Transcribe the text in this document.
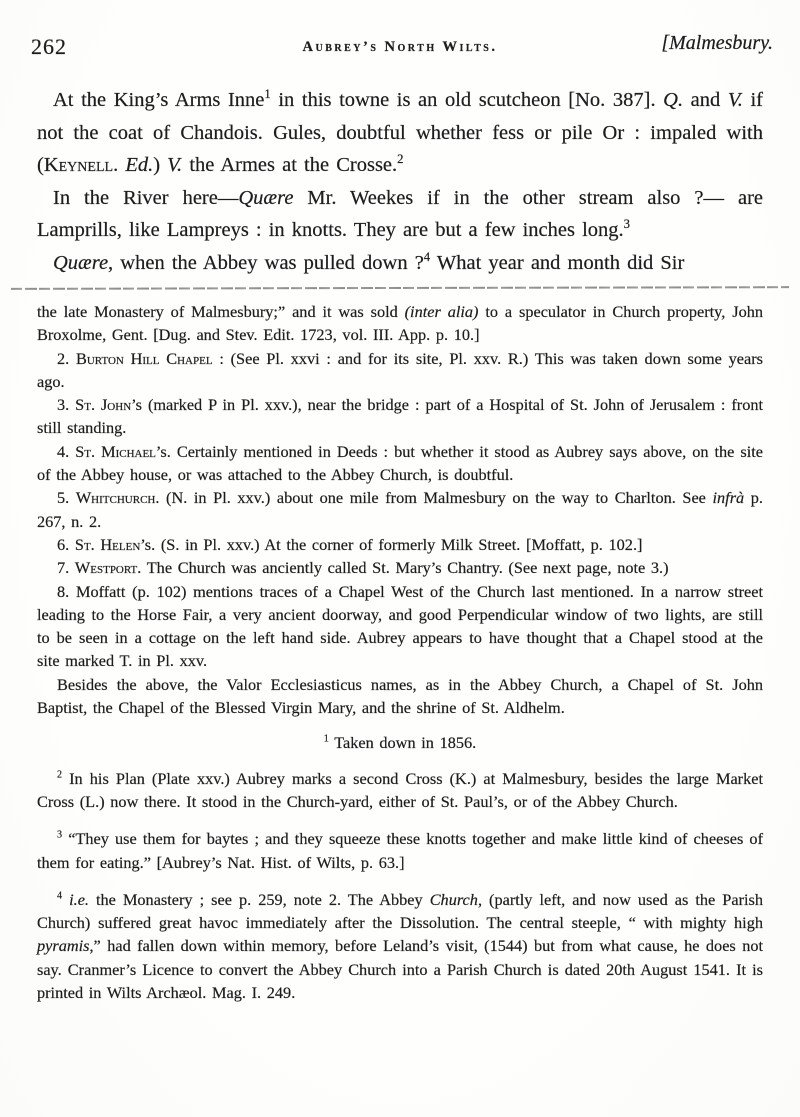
262	Aubrey’s North Wilts.	[Malmesbury.

At the King’s Arms Inne$^1$ in this towne is an old scutcheon [No. 387]. Q. and V. if not the coat of Chandois. Gules, doubtful whether fess or pile Or : impaled with (Keynell. Ed.) V. the Armes at the Crosse.$^2$

In the River here—Quære Mr. Weekes if in the other stream also ?— are Lamprills, like Lampreys : in knotts. They are but a few inches long.$^3$

Quære, when the Abbey was pulled down ?$^4$ What year and month did Sir

the late Monastery of Malmesbury;” and it was sold (inter alia) to a speculator in Church property, John Broxolme, Gent. [Dug. and Stev. Edit. 1723, vol. III. App. p. 10.]

2. Burton Hill Chapel : (See Pl. xxvi : and for its site, Pl. xxv. R.) This was taken down some years ago.

3. St. John’s (marked P in Pl. xxv.), near the bridge : part of a Hospital of St. John of Jerusalem : front still standing.

4. St. Michael’s. Certainly mentioned in Deeds : but whether it stood as Aubrey says above, on the site of the Abbey house, or was attached to the Abbey Church, is doubtful.

5. Whitchurch. (N. in Pl. xxv.) about one mile from Malmesbury on the way to Charlton. See infrà p. 267, n. 2.

6. St. Helen’s. (S. in Pl. xxv.) At the corner of formerly Milk Street. [Moffatt, p. 102.]

7. Westport. The Church was anciently called St. Mary’s Chantry. (See next page, note 3.)

8. Moffatt (p. 102) mentions traces of a Chapel West of the Church last mentioned. In a narrow street leading to the Horse Fair, a very ancient doorway, and good Perpendicular window of two lights, are still to be seen in a cottage on the left hand side. Aubrey appears to have thought that a Chapel stood at the site marked T. in Pl. xxv.

Besides the above, the Valor Ecclesiasticus names, as in the Abbey Church, a Chapel of St. John Baptist, the Chapel of the Blessed Virgin Mary, and the shrine of St. Aldhelm.

$^1$ Taken down in 1856.

$^2$ In his Plan (Plate xxv.) Aubrey marks a second Cross (K.) at Malmesbury, besides the large Market Cross (L.) now there. It stood in the Church-yard, either of St. Paul’s, or of the Abbey Church.

$^3$ “They use them for baytes ; and they squeeze these knotts together and make little kind of cheeses of them for eating.” [Aubrey’s Nat. Hist. of Wilts, p. 63.]

$^4$ i.e. the Monastery ; see p. 259, note 2. The Abbey Church, (partly left, and now used as the Parish Church) suffered great havoc immediately after the Dissolution. The central steeple, “ with mighty high pyramis,” had fallen down within memory, before Leland’s visit, (1544) but from what cause, he does not say. Cranmer’s Licence to convert the Abbey Church into a Parish Church is dated 20th August 1541. It is printed in Wilts Archæol. Mag. I. 249.
